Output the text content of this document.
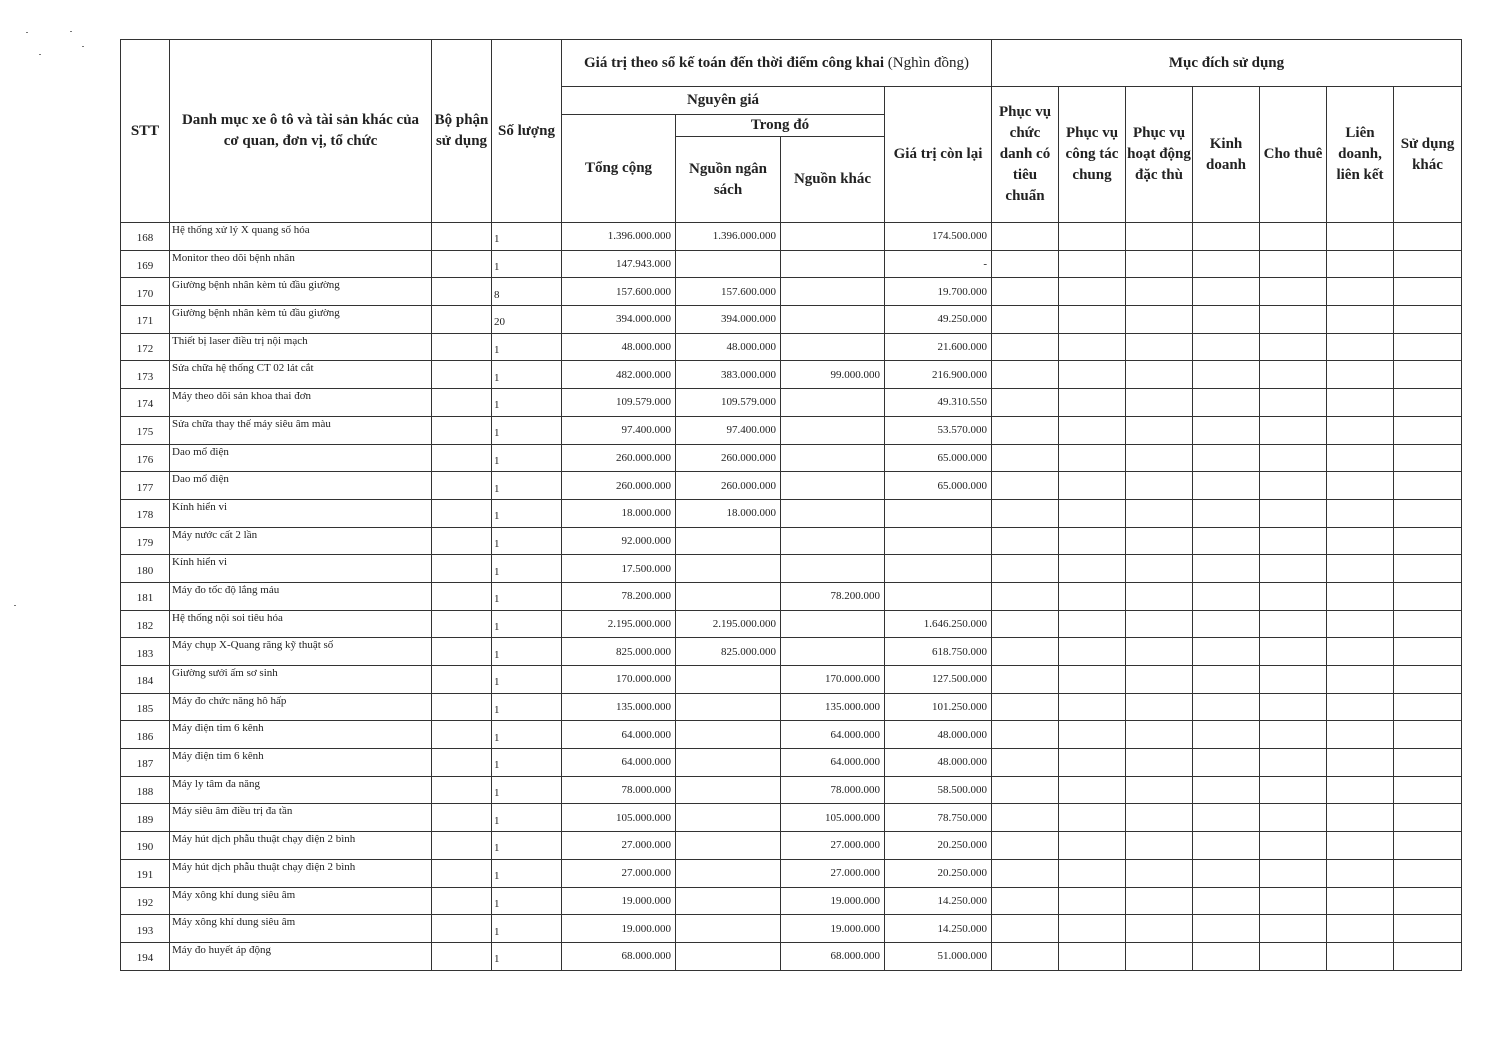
STT	Danh mục xe ô tô và tài sản khác của cơ quan, đơn vị, tổ chức	Bộ phận sử dụng	Số lượng	Giá trị theo sổ kế toán đến thời điểm công khai (Nghìn đồng)				Mục đích sử dụng						
				Nguyên giá			Giá trị còn lại	Phục vụ chức danh có tiêu chuẩn	Phục vụ công tác chung	Phục vụ hoạt động đặc thù	Kinh doanh	Cho thuê	Liên doanh, liên kết	Sử dụng khác
				Tổng cộng	Trong đó									
					Nguồn ngân sách	Nguồn khác								
168	Hệ thống xử lý X quang số hóa		1	1.396.000.000	1.396.000.000		174.500.000							
169	Monitor theo dõi bệnh nhân		1	147.943.000			-							
170	Giường bệnh nhân kèm tủ đầu giường		8	157.600.000	157.600.000		19.700.000							
171	Giường bệnh nhân kèm tủ đầu giường		20	394.000.000	394.000.000		49.250.000							
172	Thiết bị laser điều trị nội mạch		1	48.000.000	48.000.000		21.600.000							
173	Sửa chữa hệ thống CT 02 lát cắt		1	482.000.000	383.000.000	99.000.000	216.900.000							
174	Máy theo dõi sản khoa thai đơn		1	109.579.000	109.579.000		49.310.550							
175	Sửa chữa thay thế máy siêu âm màu		1	97.400.000	97.400.000		53.570.000							
176	Dao mổ điện		1	260.000.000	260.000.000		65.000.000							
177	Dao mổ điện		1	260.000.000	260.000.000		65.000.000							
178	Kính hiển vi		1	18.000.000	18.000.000									
179	Máy nước cất 2 lần		1	92.000.000										
180	Kính hiển vi		1	17.500.000										
181	Máy đo tốc độ lắng máu		1	78.200.000		78.200.000								
182	Hệ thống nội soi tiêu hóa		1	2.195.000.000	2.195.000.000		1.646.250.000							
183	Máy chụp X-Quang răng kỹ thuật số		1	825.000.000	825.000.000		618.750.000							
184	Giường sưởi ấm sơ sinh		1	170.000.000		170.000.000	127.500.000							
185	Máy đo chức năng hô hấp		1	135.000.000		135.000.000	101.250.000							
186	Máy điện tim 6 kênh		1	64.000.000		64.000.000	48.000.000							
187	Máy điện tim 6 kênh		1	64.000.000		64.000.000	48.000.000							
188	Máy ly tâm đa năng		1	78.000.000		78.000.000	58.500.000							
189	Máy siêu âm điều trị đa tần		1	105.000.000		105.000.000	78.750.000							
190	Máy hút dịch phẫu thuật chạy điện 2 bình		1	27.000.000		27.000.000	20.250.000							
191	Máy hút dịch phẫu thuật chạy điện 2 bình		1	27.000.000		27.000.000	20.250.000							
192	Máy xông khí dung siêu âm		1	19.000.000		19.000.000	14.250.000							
193	Máy xông khí dung siêu âm		1	19.000.000		19.000.000	14.250.000							
194	Máy đo huyết áp động		1	68.000.000		68.000.000	51.000.000							
